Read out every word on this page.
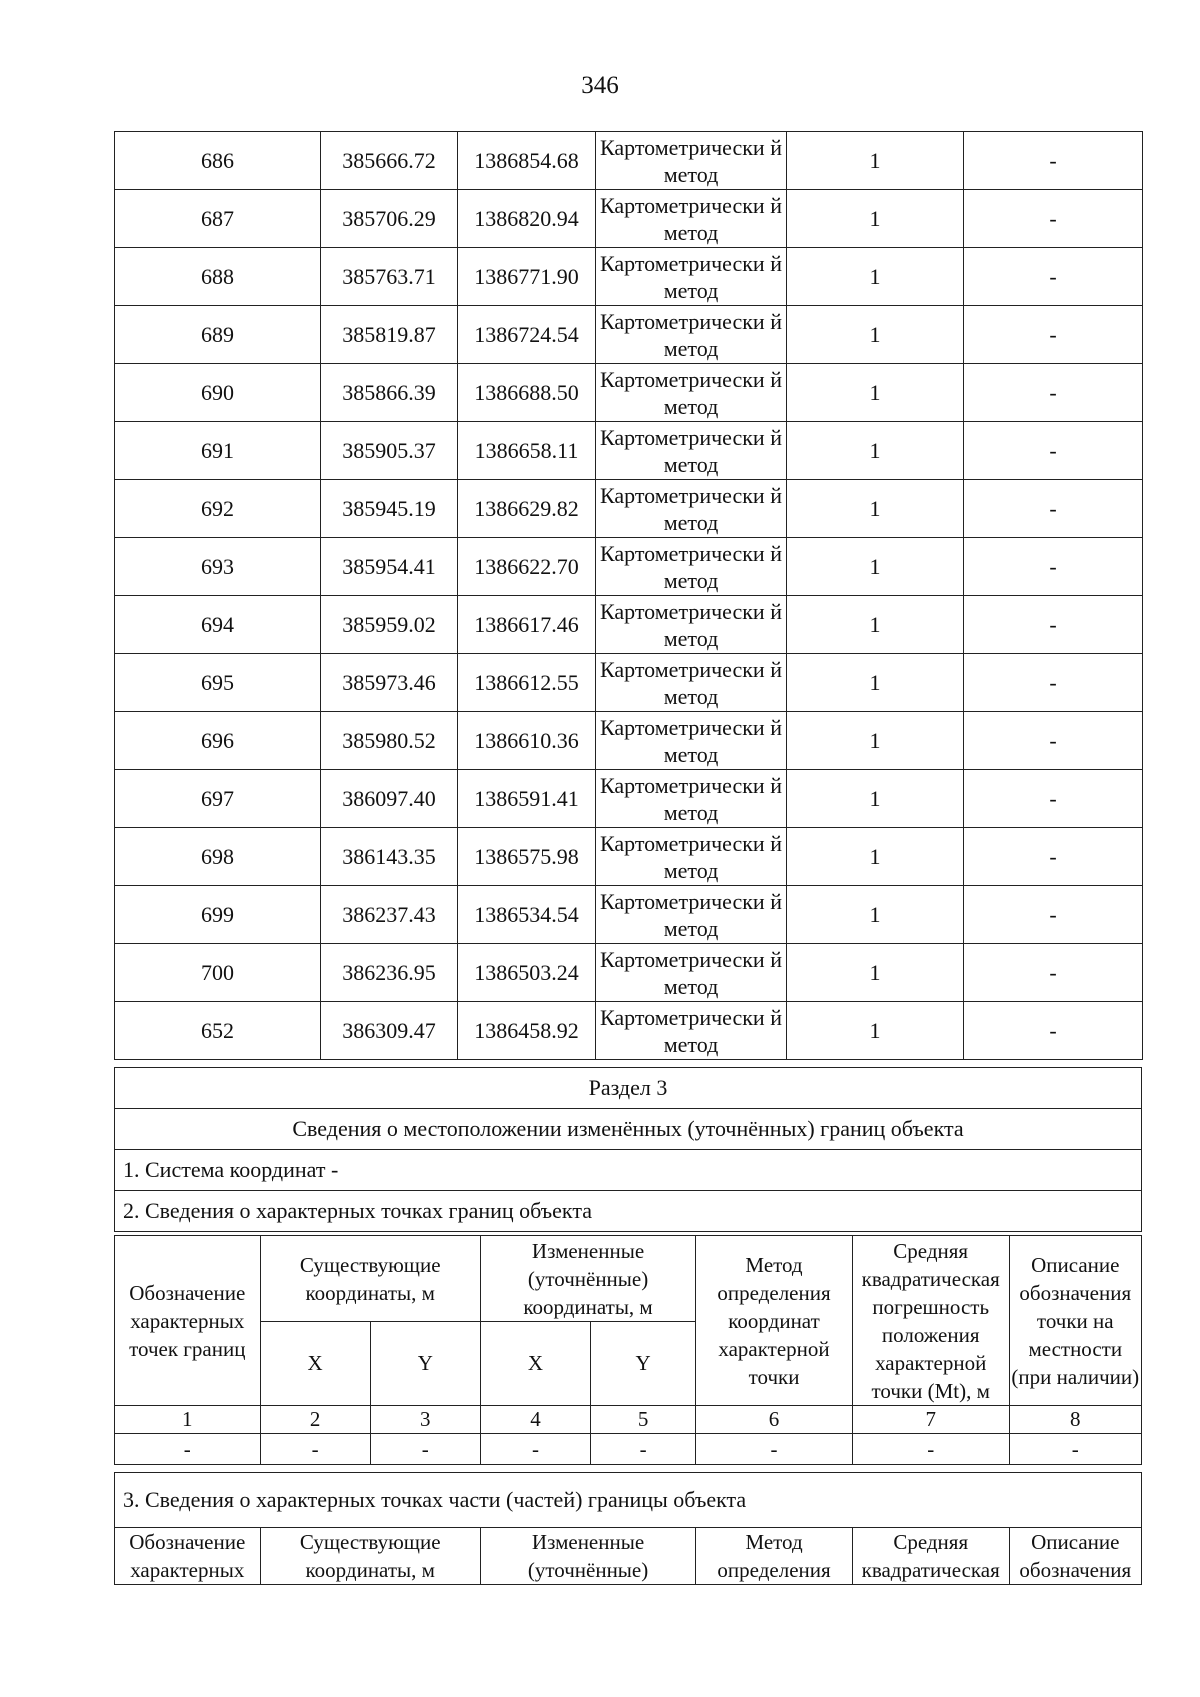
346
686	385666.72	1386854.68	Картометрически й метод	1	-
687	385706.29	1386820.94	Картометрически й метод	1	-
688	385763.71	1386771.90	Картометрически й метод	1	-
689	385819.87	1386724.54	Картометрически й метод	1	-
690	385866.39	1386688.50	Картометрически й метод	1	-
691	385905.37	1386658.11	Картометрически й метод	1	-
692	385945.19	1386629.82	Картометрически й метод	1	-
693	385954.41	1386622.70	Картометрически й метод	1	-
694	385959.02	1386617.46	Картометрически й метод	1	-
695	385973.46	1386612.55	Картометрически й метод	1	-
696	385980.52	1386610.36	Картометрически й метод	1	-
697	386097.40	1386591.41	Картометрически й метод	1	-
698	386143.35	1386575.98	Картометрически й метод	1	-
699	386237.43	1386534.54	Картометрически й метод	1	-
700	386236.95	1386503.24	Картометрически й метод	1	-
652	386309.47	1386458.92	Картометрически й метод	1	-
Раздел 3
Сведения о местоположении изменённых (уточнённых) границ объекта
1. Система координат -
2. Сведения о характерных точках границ объекта
Обозначение характерных точек границ	Существующие координаты, м		Измененные (уточнённые) координаты, м		Метод определения координат характерной точки	Средняя квадратическая погрешность положения характерной точки (Mt), м	Описание обозначения точки на местности (при наличии)
	X	Y	X	Y			
1	2	3	4	5	6	7	8
-	-	-	-	-	-	-	-
3. Сведения о характерных точках части (частей) границы объекта
Обозначение характерных	Существующие координаты, м	Измененные (уточнённые)	Метод определения	Средняя квадратическая	Описание обозначения
